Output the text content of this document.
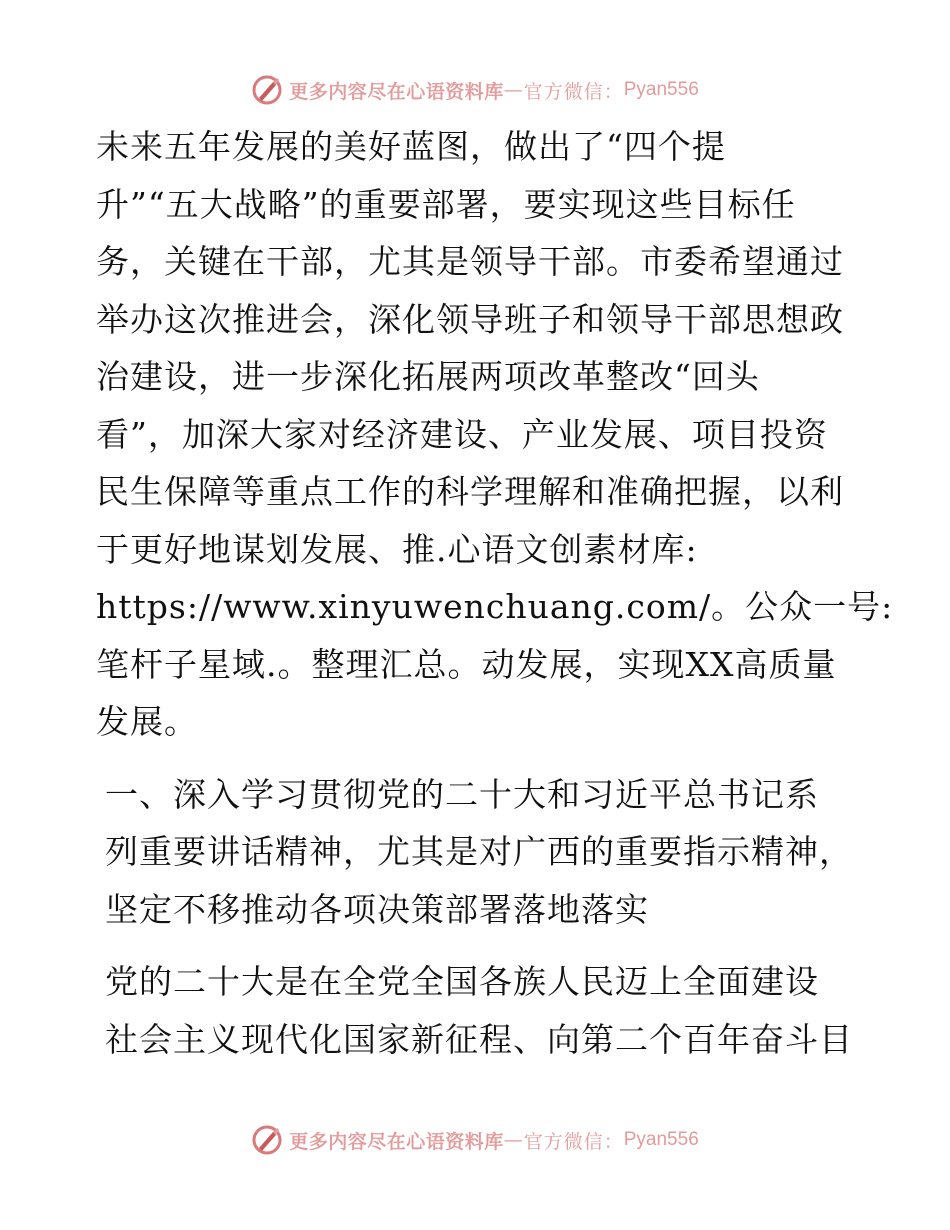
更多内容尽在心语资料库 — 官方微信： Pyan556
未来五年发展的美好蓝图，做出了“四个提
升”“五大战略”的重要部署，要实现这些目标任
务，关键在干部，尤其是领导干部。市委希望通过
举办这次推进会，深化领导班子和领导干部思想政
治建设，进一步深化拓展两项改革整改“回头
看”，加深大家对经济建设、产业发展、项目投资
民生保障等重点工作的科学理解和准确把握，以利
于更好地谋划发展、推.心语文创素材库:
https://www.xinyuwenchuang.com/。公众一号:
笔杆子星域.。整理汇总。动发展，实现XX高质量
发展。
一、深入学习贯彻党的二十大和习近平总书记系
列重要讲话精神，尤其是对广西的重要指示精神，
坚定不移推动各项决策部署落地落实
党的二十大是在全党全国各族人民迈上全面建设
社会主义现代化国家新征程、向第二个百年奋斗目
更多内容尽在心语资料库 — 官方微信： Pyan556
